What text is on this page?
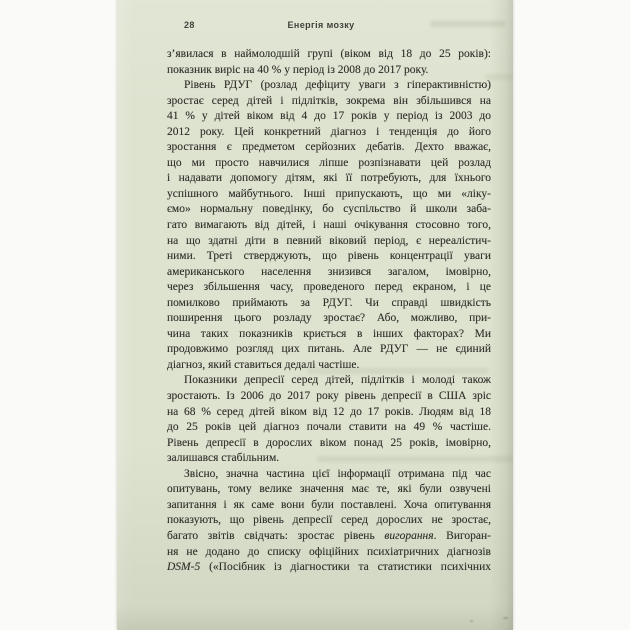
28	Енергія мозку
з’явилася в наймолодшій групі (віком від 18 до 25 років):
показник виріс на 40 % у період із 2008 до 2017 року.
Рівень РДУГ (розлад дефіциту уваги з гіперактивністю)
зростає серед дітей і підлітків, зокрема він збільшився на
41 % у дітей віком від 4 до 17 років у період із 2003 до
2012 року. Цей конкретний діагноз і тенденція до його
зростання є предметом серйозних дебатів. Дехто вважає,
що ми просто навчилися ліпше розпізнавати цей розлад
і надавати допомогу дітям, які її потребують, для їхнього
успішного майбутнього. Інші припускають, що ми «ліку-
ємо» нормальну поведінку, бо суспільство й школи заба-
гато вимагають від дітей, і наші очікування стосовно того,
на що здатні діти в певний віковий період, є нереалістич-
ними. Треті стверджують, що рівень концентрації уваги
американського населення знизився загалом, імовірно,
через збільшення часу, проведеного перед екраном, і це
помилково приймають за РДУГ. Чи справді швидкість
поширення цього розладу зростає? Або, можливо, при-
чина таких показників криється в інших факторах? Ми
продовжимо розгляд цих питань. Але РДУГ — не єдиний
діагноз, який ставиться дедалі частіше.
Показники депресії серед дітей, підлітків і молоді також
зростають. Із 2006 до 2017 року рівень депресії в США зріс
на 68 % серед дітей віком від 12 до 17 років. Людям від 18
до 25 років цей діагноз почали ставити на 49 % частіше.
Рівень депресії в дорослих віком понад 25 років, імовірно,
залишався стабільним.
Звісно, значна частина цієї інформації отримана під час
опитувань, тому велике значення має те, які були озвучені
запитання і як саме вони були поставлені. Хоча опитування
показують, що рівень депресії серед дорослих не зростає,
багато звітів свідчать: зростає рівень вигорання. Вигоран-
ня не додано до списку офіційних психіатричних діагнозів
DSM-5 («Посібник із діагностики та статистики психічних
